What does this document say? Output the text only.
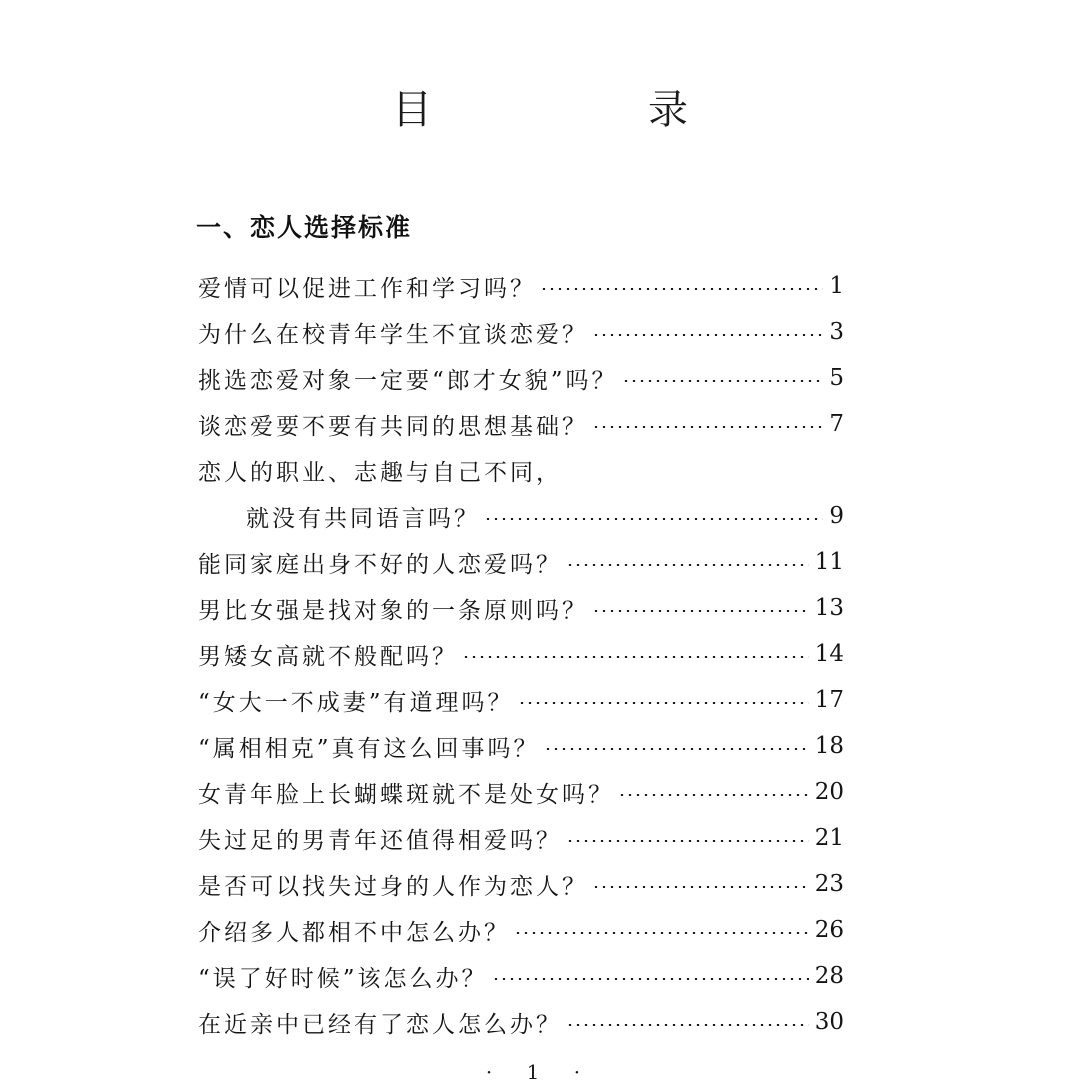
目　录
一、恋人选择标准
爱情可以促进工作和学习吗？	1
为什么在校青年学生不宜谈恋爱？	3
挑选恋爱对象一定要“郎才女貌”吗？	5
谈恋爱要不要有共同的思想基础？	7
恋人的职业、志趣与自己不同，
就没有共同语言吗？	9
能同家庭出身不好的人恋爱吗？	11
男比女强是找对象的一条原则吗？	13
男矮女高就不般配吗？	14
“女大一不成妻”有道理吗？	17
“属相相克”真有这么回事吗？	18
女青年脸上长蝴蝶斑就不是处女吗？	20
失过足的男青年还值得相爱吗？	21
是否可以找失过身的人作为恋人？	23
介绍多人都相不中怎么办？	26
“误了好时候”该怎么办？	28
在近亲中已经有了恋人怎么办？	30
· 1 ·
